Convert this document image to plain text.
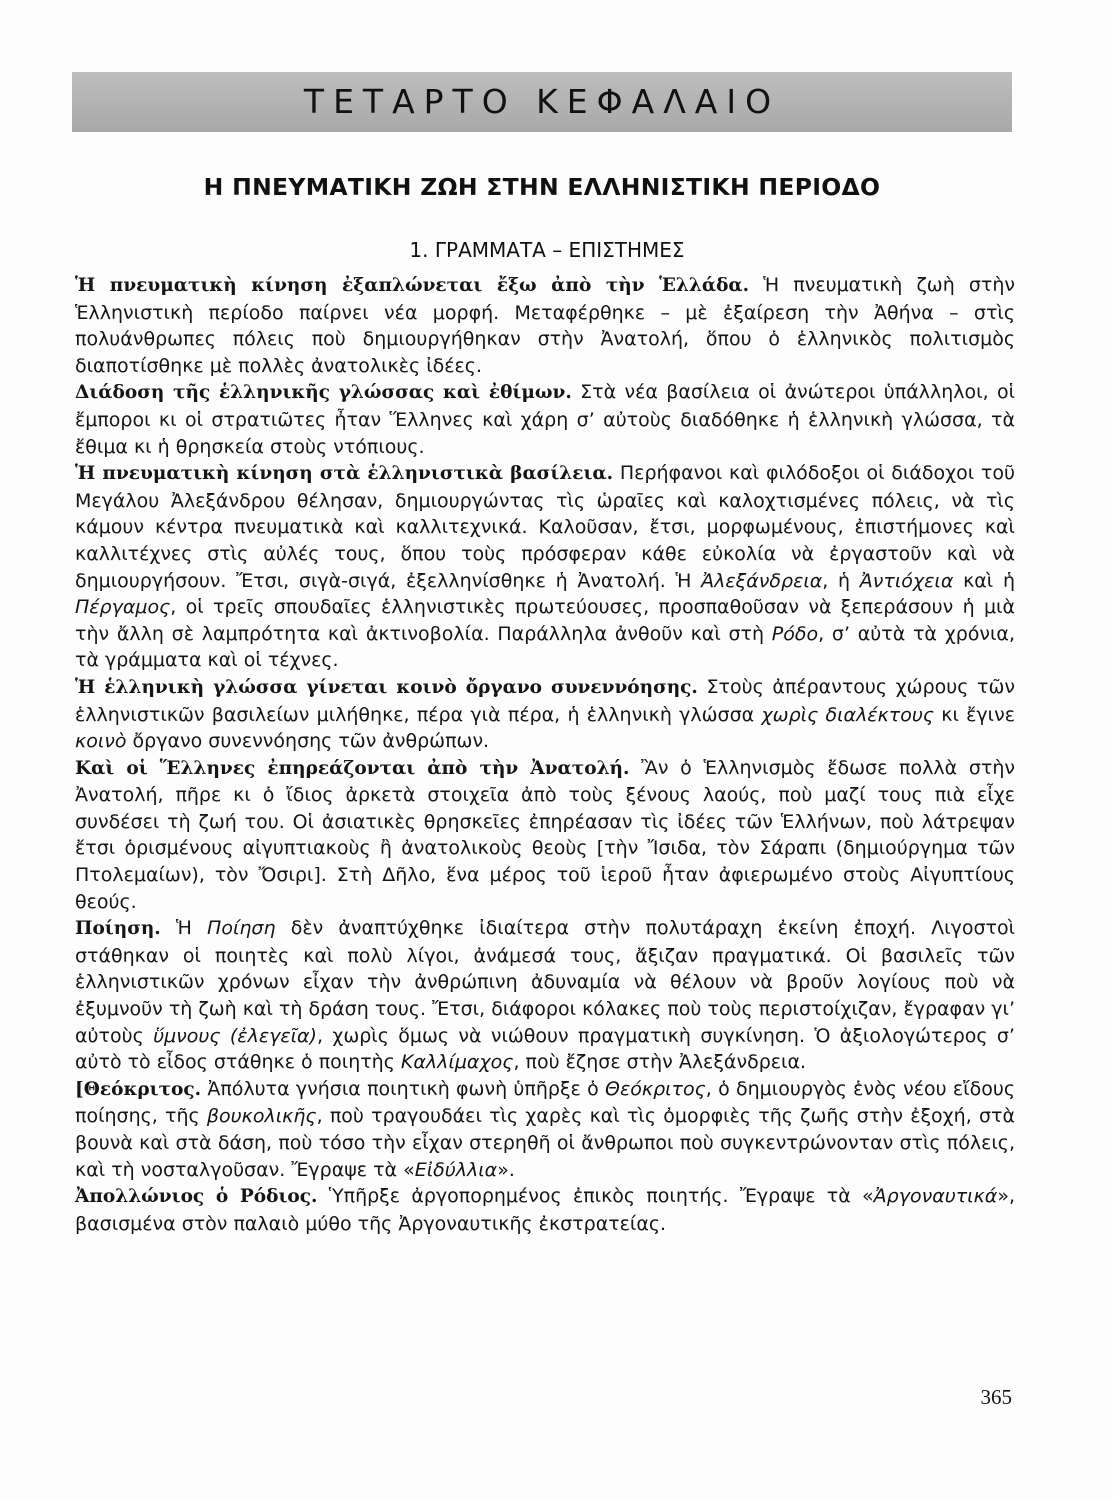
ΤΕΤΑΡΤΟ ΚΕΦΑΛΑΙΟ
Η ΠΝΕΥΜΑΤΙΚΗ ΖΩΗ ΣΤΗΝ ΕΛΛΗΝΙΣΤΙΚΗ ΠΕΡΙΟΔΟ
1. ΓΡΑΜΜΑΤΑ – ΕΠΙΣΤΗΜΕΣ

Ἡ πνευματικὴ κίνηση ἐξαπλώνεται ἔξω ἀπὸ τὴν Ἑλλάδα. Ἡ πνευματικὴ ζωὴ στὴν Ἑλληνιστικὴ περίοδο παίρνει νέα μορφή. Μεταφέρθηκε – μὲ ἐξαίρεση τὴν Ἀθήνα – στὶς πολυάνθρωπες πόλεις ποὺ δημιουργήθηκαν στὴν Ἀνατολή, ὅπου ὁ ἑλληνικὸς πολιτισμὸς διαποτίσθηκε μὲ πολλὲς ἀνατολικὲς ἰδέες.

Διάδοση τῆς ἑλληνικῆς γλώσσας καὶ ἐθίμων. Στὰ νέα βασίλεια οἱ ἀνώτεροι ὑπάλληλοι, οἱ ἔμποροι κι οἱ στρατιῶτες ἦταν Ἕλληνες καὶ χάρη σ’ αὐτοὺς διαδόθηκε ἡ ἑλληνικὴ γλώσσα, τὰ ἔθιμα κι ἡ θρησκεία στοὺς ντόπιους.

Ἡ πνευματικὴ κίνηση στὰ ἑλληνιστικὰ βασίλεια. Περήφανοι καὶ φιλόδοξοι οἱ διάδοχοι τοῦ Μεγάλου Ἀλεξάνδρου θέλησαν, δημιουργώντας τὶς ὡραῖες καὶ καλοχτισμένες πόλεις, νὰ τὶς κάμουν κέντρα πνευματικὰ καὶ καλλιτεχνικά. Καλοῦσαν, ἔτσι, μορφωμένους, ἐπιστήμονες καὶ καλλιτέχνες στὶς αὐλές τους, ὅπου τοὺς πρόσφεραν κάθε εὐκολία νὰ ἐργαστοῦν καὶ νὰ δημιουργήσουν. Ἔτσι, σιγὰ-σιγά, ἐξελληνίσθηκε ἡ Ἀνατολή. Ἡ Ἀλεξάνδρεια, ἡ Ἀντιόχεια καὶ ἡ Πέργαμος, οἱ τρεῖς σπουδαῖες ἑλληνιστικὲς πρωτεύουσες, προσπαθοῦσαν νὰ ξεπεράσουν ἡ μιὰ τὴν ἄλλη σὲ λαμπρότητα καὶ ἀκτινοβολία. Παράλληλα ἀνθοῦν καὶ στὴ Ρόδο, σ’ αὐτὰ τὰ χρόνια, τὰ γράμματα καὶ οἱ τέχνες.

Ἡ ἑλληνικὴ γλώσσα γίνεται κοινὸ ὄργανο συνεννόησης. Στοὺς ἀπέραντους χώρους τῶν ἑλληνιστικῶν βασιλείων μιλήθηκε, πέρα γιὰ πέρα, ἡ ἑλληνικὴ γλώσσα χωρὶς διαλέκτους κι ἔγινε κοινὸ ὄργανο συνεννόησης τῶν ἀνθρώπων.

Καὶ οἱ Ἕλληνες ἐπηρεάζονται ἀπὸ τὴν Ἀνατολή. Ἂν ὁ Ἑλληνισμὸς ἔδωσε πολλὰ στὴν Ἀνατολή, πῆρε κι ὁ ἴδιος ἀρκετὰ στοιχεῖα ἀπὸ τοὺς ξένους λαούς, ποὺ μαζί τους πιὰ εἶχε συνδέσει τὴ ζωή του. Οἱ ἀσιατικὲς θρησκεῖες ἐπηρέασαν τὶς ἰδέες τῶν Ἑλλήνων, ποὺ λάτρεψαν ἔτσι ὁρισμένους αἰγυπτιακοὺς ἢ ἀνατολικοὺς θεοὺς [τὴν Ἴσιδα, τὸν Σάραπι (δημιούργημα τῶν Πτολεμαίων), τὸν Ὄσιρι]. Στὴ Δῆλο, ἕνα μέρος τοῦ ἱεροῦ ἦταν ἀφιερωμένο στοὺς Αἰγυπτίους θεούς.

Ποίηση. Ἡ Ποίηση δὲν ἀναπτύχθηκε ἰδιαίτερα στὴν πολυτάραχη ἐκείνη ἐποχή. Λιγοστοὶ στάθηκαν οἱ ποιητὲς καὶ πολὺ λίγοι, ἀνάμεσά τους, ἄξιζαν πραγματικά. Οἱ βασιλεῖς τῶν ἑλληνιστικῶν χρόνων εἶχαν τὴν ἀνθρώπινη ἀδυναμία νὰ θέλουν νὰ βροῦν λογίους ποὺ νὰ ἐξυμνοῦν τὴ ζωὴ καὶ τὴ δράση τους. Ἔτσι, διάφοροι κόλακες ποὺ τοὺς περιστοίχιζαν, ἔγραφαν γι’ αὐτοὺς ὕμνους (ἐλεγεῖα), χωρὶς ὅμως νὰ νιώθουν πραγματικὴ συγκίνηση. Ὁ ἀξιολογώτερος σ’ αὐτὸ τὸ εἶδος στάθηκε ὁ ποιητὴς Καλλίμαχος, ποὺ ἔζησε στὴν Ἀλεξάνδρεια.

[Θεόκριτος. Ἀπόλυτα γνήσια ποιητικὴ φωνὴ ὑπῆρξε ὁ Θεόκριτος, ὁ δημιουργὸς ἑνὸς νέου εἴδους ποίησης, τῆς βουκολικῆς, ποὺ τραγουδάει τὶς χαρὲς καὶ τὶς ὀμορφιὲς τῆς ζωῆς στὴν ἐξοχή, στὰ βουνὰ καὶ στὰ δάση, ποὺ τόσο τὴν εἶχαν στερηθῆ οἱ ἄνθρωποι ποὺ συγκεντρώνονταν στὶς πόλεις, καὶ τὴ νοσταλγοῦσαν. Ἔγραψε τὰ «Εἰδύλλια».

Ἀπολλώνιος ὁ Ρόδιος. Ὑπῆρξε ἀργοπορημένος ἐπικὸς ποιητής. Ἔγραψε τὰ «Ἀργοναυτικά», βασισμένα στὸν παλαιὸ μύθο τῆς Ἀργοναυτικῆς ἐκστρατείας.

365
